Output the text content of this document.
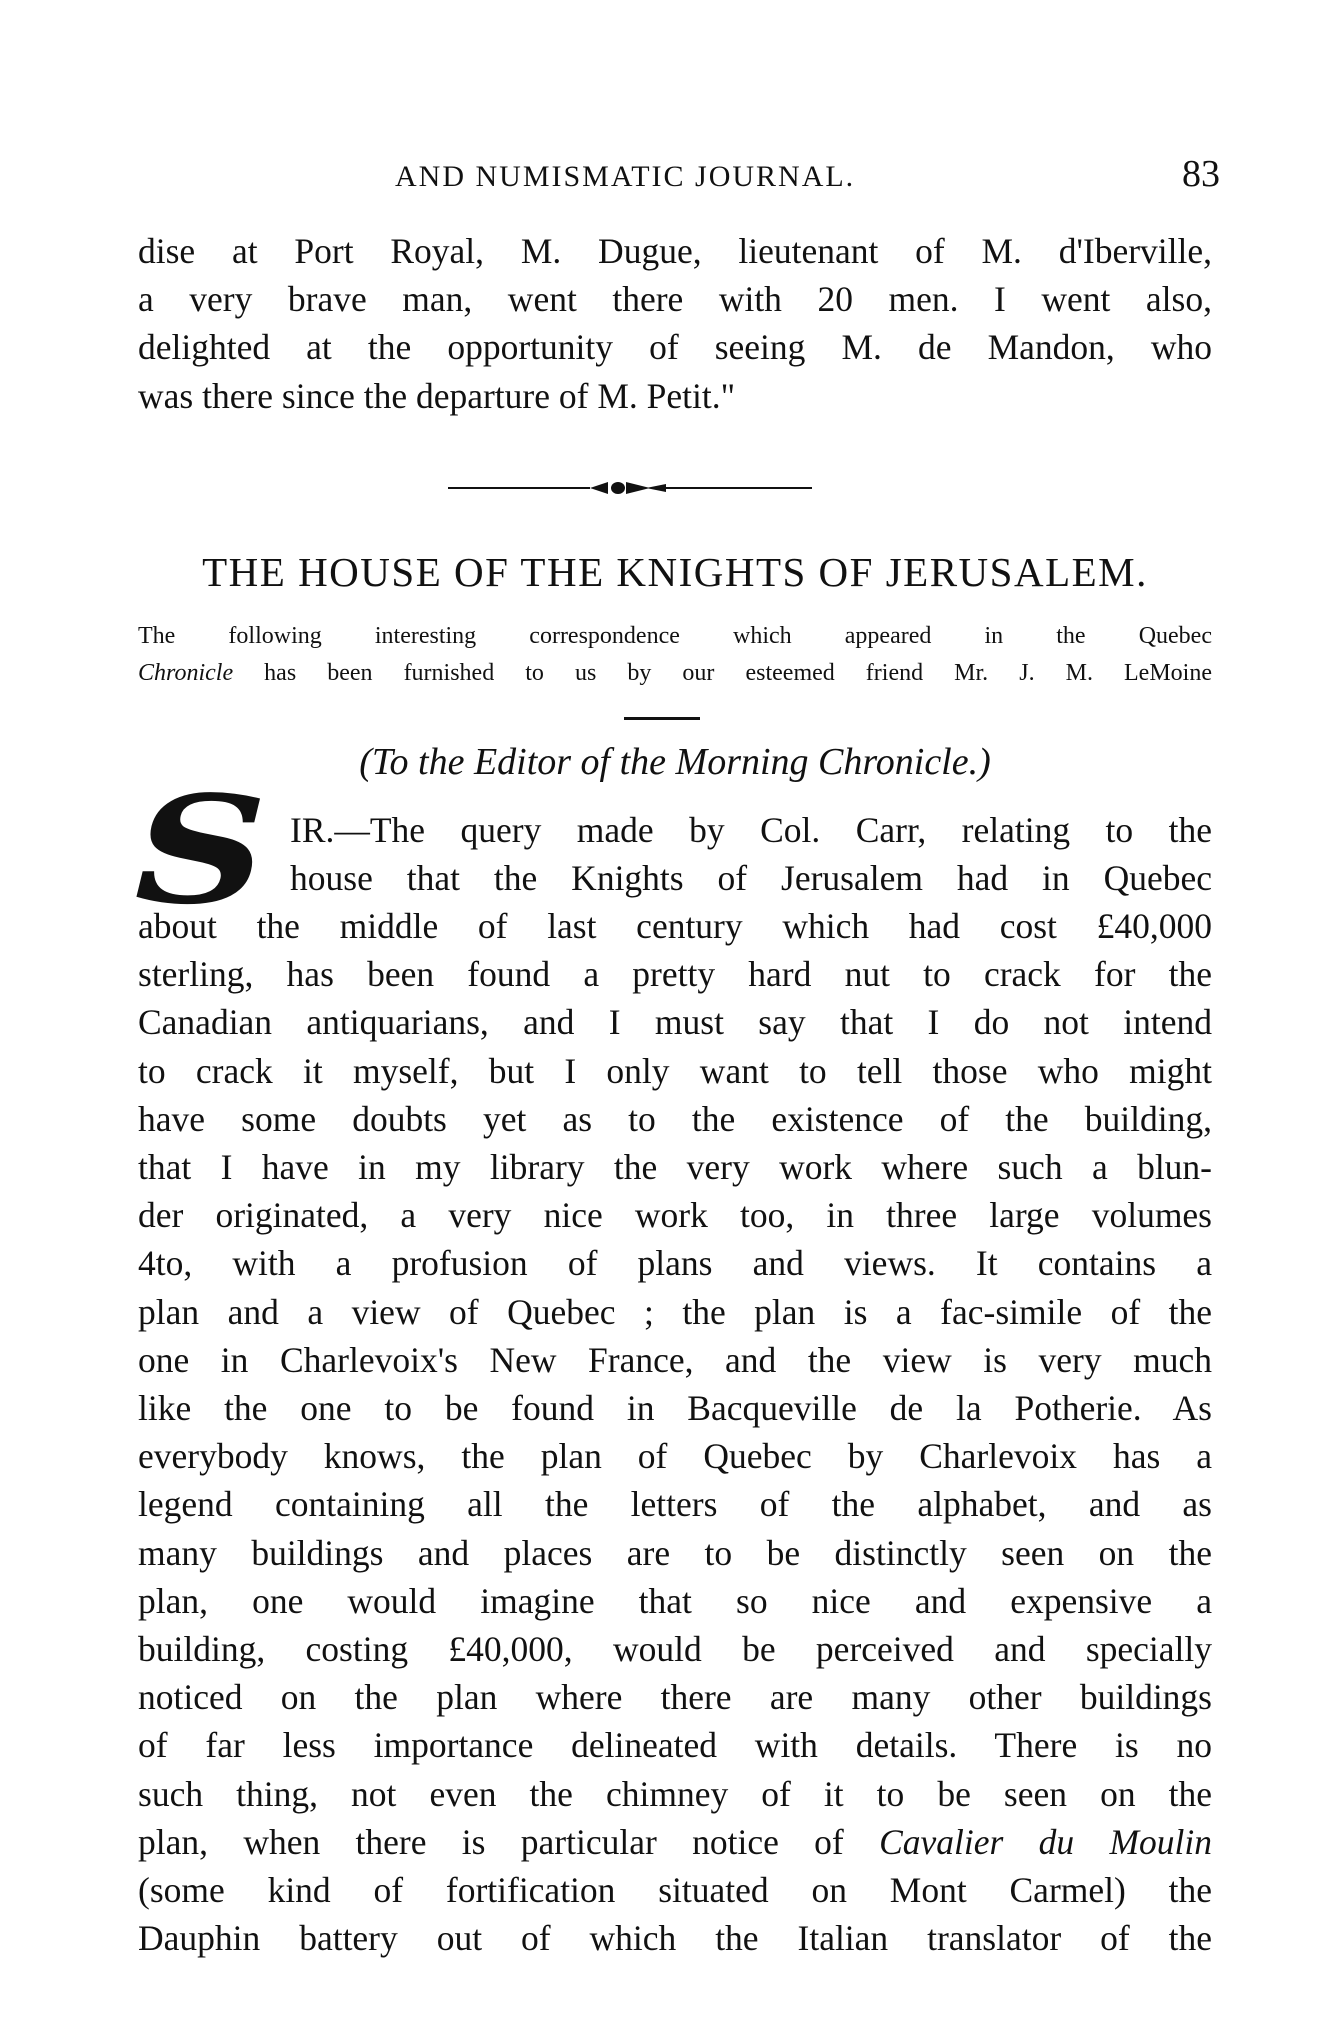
AND NUMISMATIC JOURNAL.	83

dise at Port Royal, M. Dugue, lieutenant of M. d'Iberville,

a very brave man, went there with 20 men. I went also,

delighted at the opportunity of seeing M. de Mandon, who

was there since the departure of M. Petit."

THE HOUSE OF THE KNIGHTS OF JERUSALEM.

The following interesting correspondence which appeared in the Quebec

Chronicle has been furnished to us by our esteemed friend Mr. J. M. LeMoine

(To the Editor of the Morning Chronicle.)
S IR.—The query made by Col. Carr, relating to the

house that the Knights of Jerusalem had in Quebec

about the middle of last century which had cost £40,000

sterling, has been found a pretty hard nut to crack for the

Canadian antiquarians, and I must say that I do not intend

to crack it myself, but I only want to tell those who might

have some doubts yet as to the existence of the building,

that I have in my library the very work where such a blun-

der originated, a very nice work too, in three large volumes

4to, with a profusion of plans and views. It contains a

plan and a view of Quebec ; the plan is a fac-simile of the

one in Charlevoix's New France, and the view is very much

like the one to be found in Bacqueville de la Potherie. As

everybody knows, the plan of Quebec by Charlevoix has a

legend containing all the letters of the alphabet, and as

many buildings and places are to be distinctly seen on the

plan, one would imagine that so nice and expensive a

building, costing £40,000, would be perceived and specially

noticed on the plan where there are many other buildings

of far less importance delineated with details. There is no

such thing, not even the chimney of it to be seen on the

plan, when there is particular notice of Cavalier du Moulin

(some kind of fortification situated on Mont Carmel) the

Dauphin battery out of which the Italian translator of the
